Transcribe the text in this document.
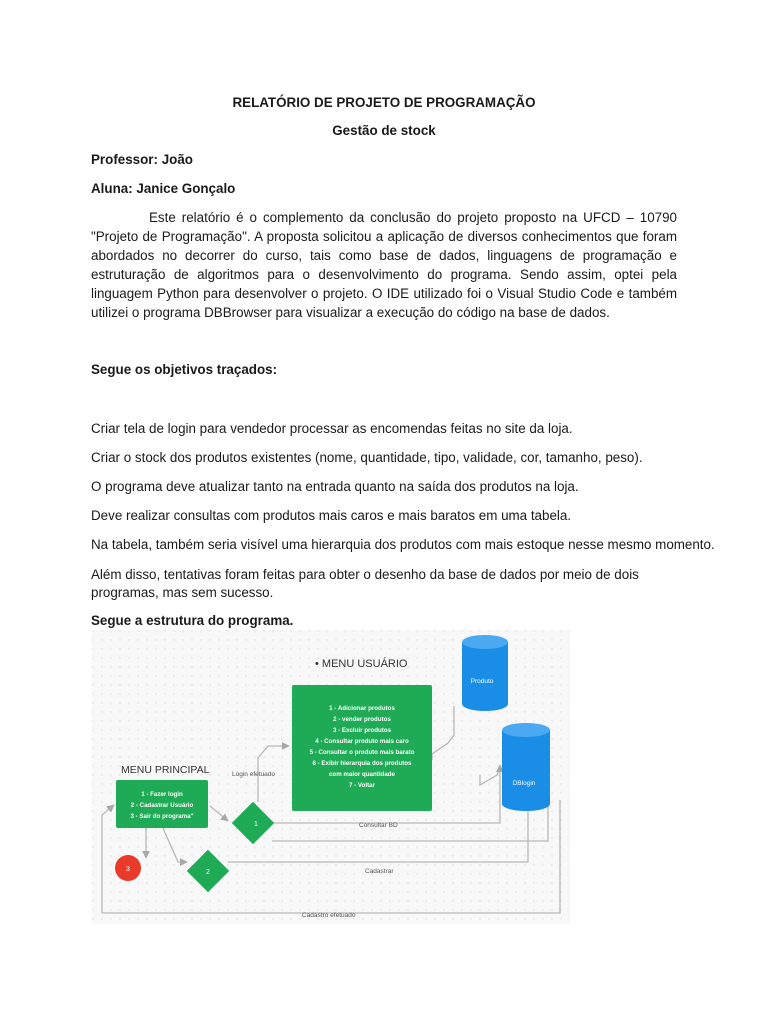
RELATÓRIO DE PROJETO DE PROGRAMAÇÃO
Gestão de stock
Professor: João
Aluna: Janice Gonçalo
Este relatório é o complemento da conclusão do projeto proposto na UFCD – 10790 "Projeto de Programação". A proposta solicitou a aplicação de diversos conhecimentos que foram abordados no decorrer do curso, tais como base de dados, linguagens de programação e estruturação de algoritmos para o desenvolvimento do programa. Sendo assim, optei pela linguagem Python para desenvolver o projeto. O IDE utilizado foi o Visual Studio Code e também utilizei o programa DBBrowser para visualizar a execução do código na base de dados.
Segue os objetivos traçados:
Criar tela de login para vendedor processar as encomendas feitas no site da loja.
Criar o stock dos produtos existentes (nome, quantidade, tipo, validade, cor, tamanho, peso).
O programa deve atualizar tanto na entrada quanto na saída dos produtos na loja.
Deve realizar consultas com produtos mais caros e mais baratos em uma tabela.
Na tabela, também seria visível uma hierarquia dos produtos com mais estoque nesse mesmo momento.
Além disso, tentativas foram feitas para obter o desenho da base de dados por meio de dois programas, mas sem sucesso.
Segue a estrutura do programa.
• MENU USUÁRIO
1 - Adicionar produtos
2 - vender produtos
3 - Excluir produtos
4 - Consultar produto mais caro
5 - Consultar o produto mais barato
6 - Exibir hierarquia dos produtos
com maior quantidade
7 - Voltar
Produto
DBlogin
MENU PRINCIPAL
1 - Fazer login
2 - Cadastrar Usuário
3 - Sair do programa"
1
2
3
Login efetuado
Consultar BD
Cadastrar
Cadastro efetuado
